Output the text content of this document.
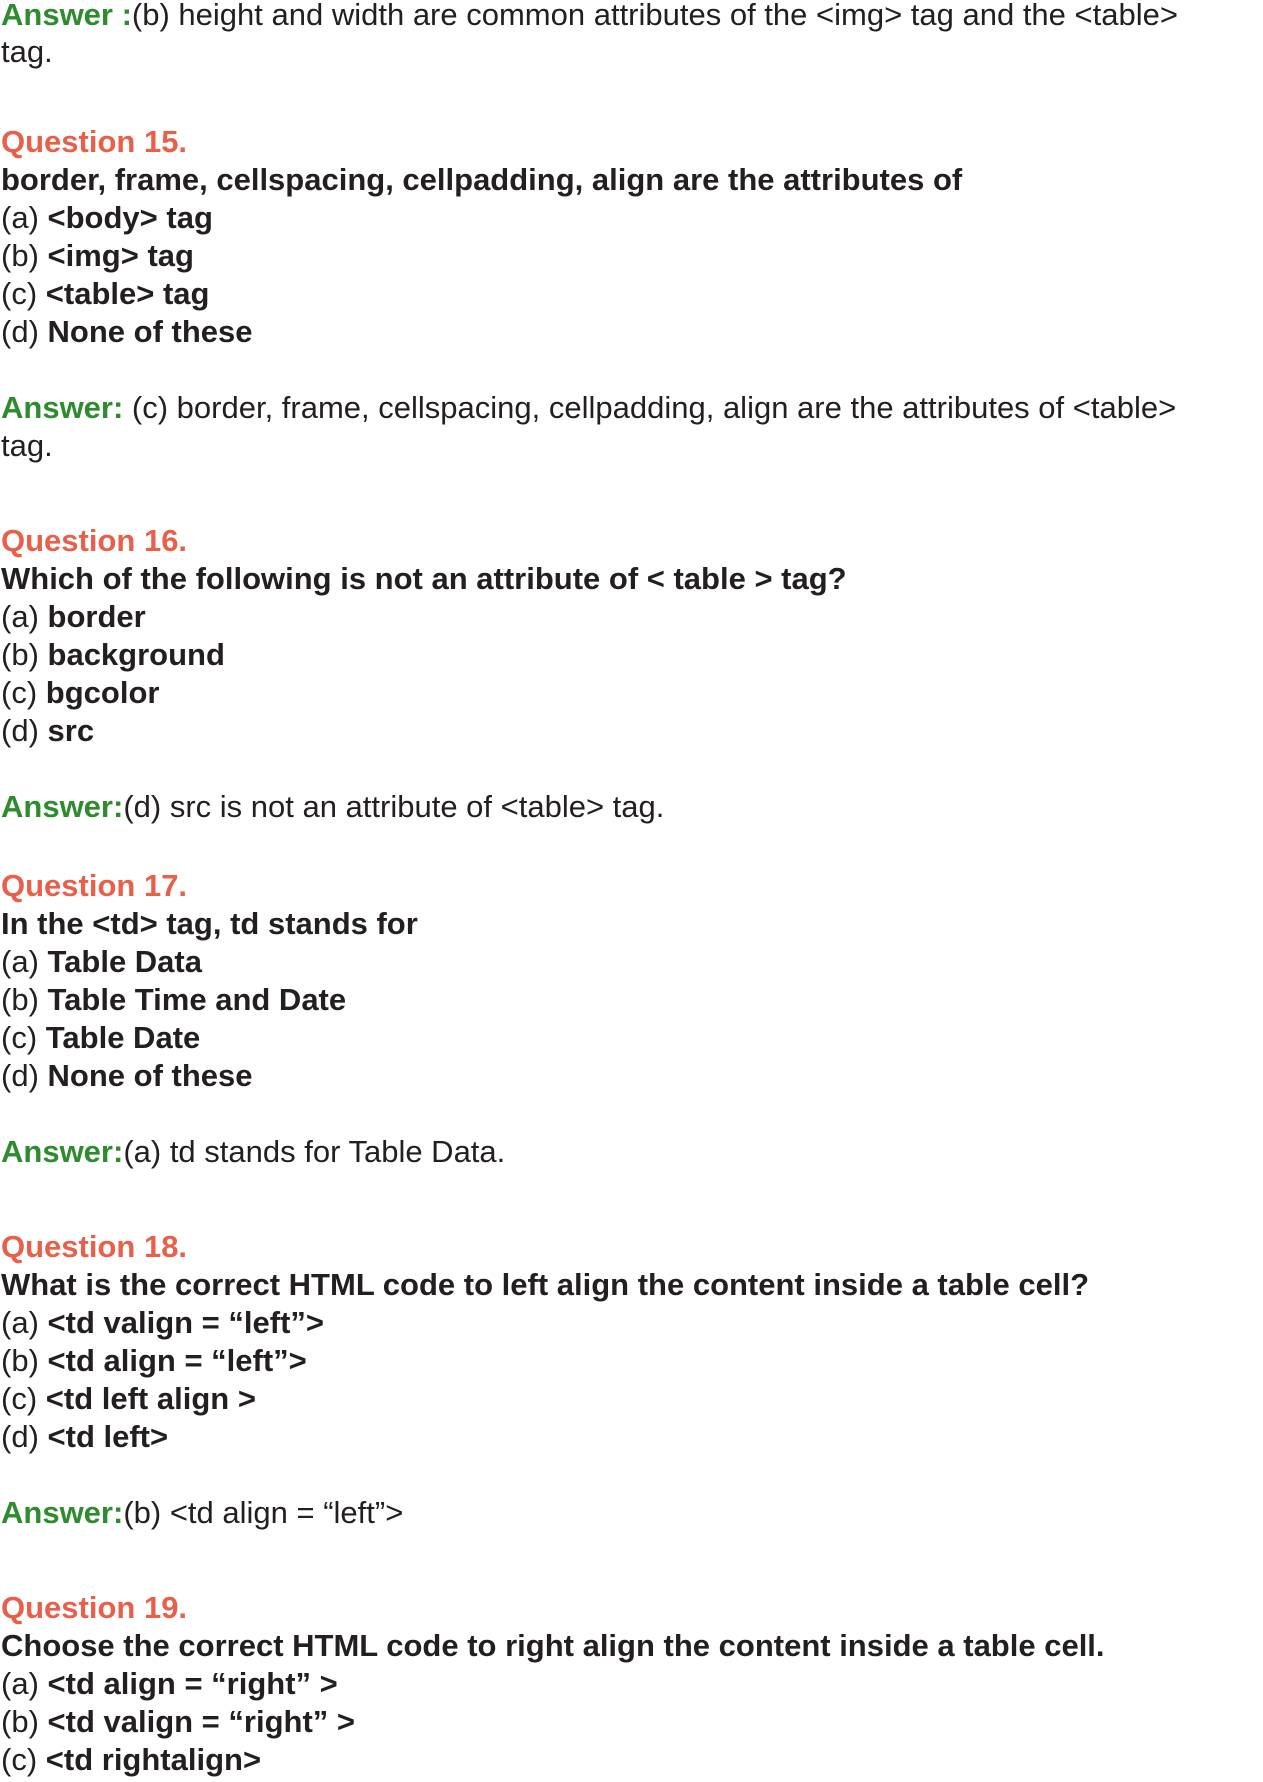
Answer :(b) height and width are common attributes of the <img> tag and the <table>
tag.
Question 15.
border, frame, cellspacing, cellpadding, align are the attributes of
(a) <body> tag
(b) <img> tag
(c) <table> tag
(d) None of these
Answer: (c) border, frame, cellspacing, cellpadding, align are the attributes of <table>
tag.
Question 16.
Which of the following is not an attribute of < table > tag?
(a) border
(b) background
(c) bgcolor
(d) src
Answer:(d) src is not an attribute of <table> tag.
Question 17.
In the <td> tag, td stands for
(a) Table Data
(b) Table Time and Date
(c) Table Date
(d) None of these
Answer:(a) td stands for Table Data.
Question 18.
What is the correct HTML code to left align the content inside a table cell?
(a) <td valign = “left”>
(b) <td align = “left”>
(c) <td left align >
(d) <td left>
Answer:(b) <td align = “left”>
Question 19.
Choose the correct HTML code to right align the content inside a table cell.
(a) <td align = “right” >
(b) <td valign = “right” >
(c) <td rightalign>
